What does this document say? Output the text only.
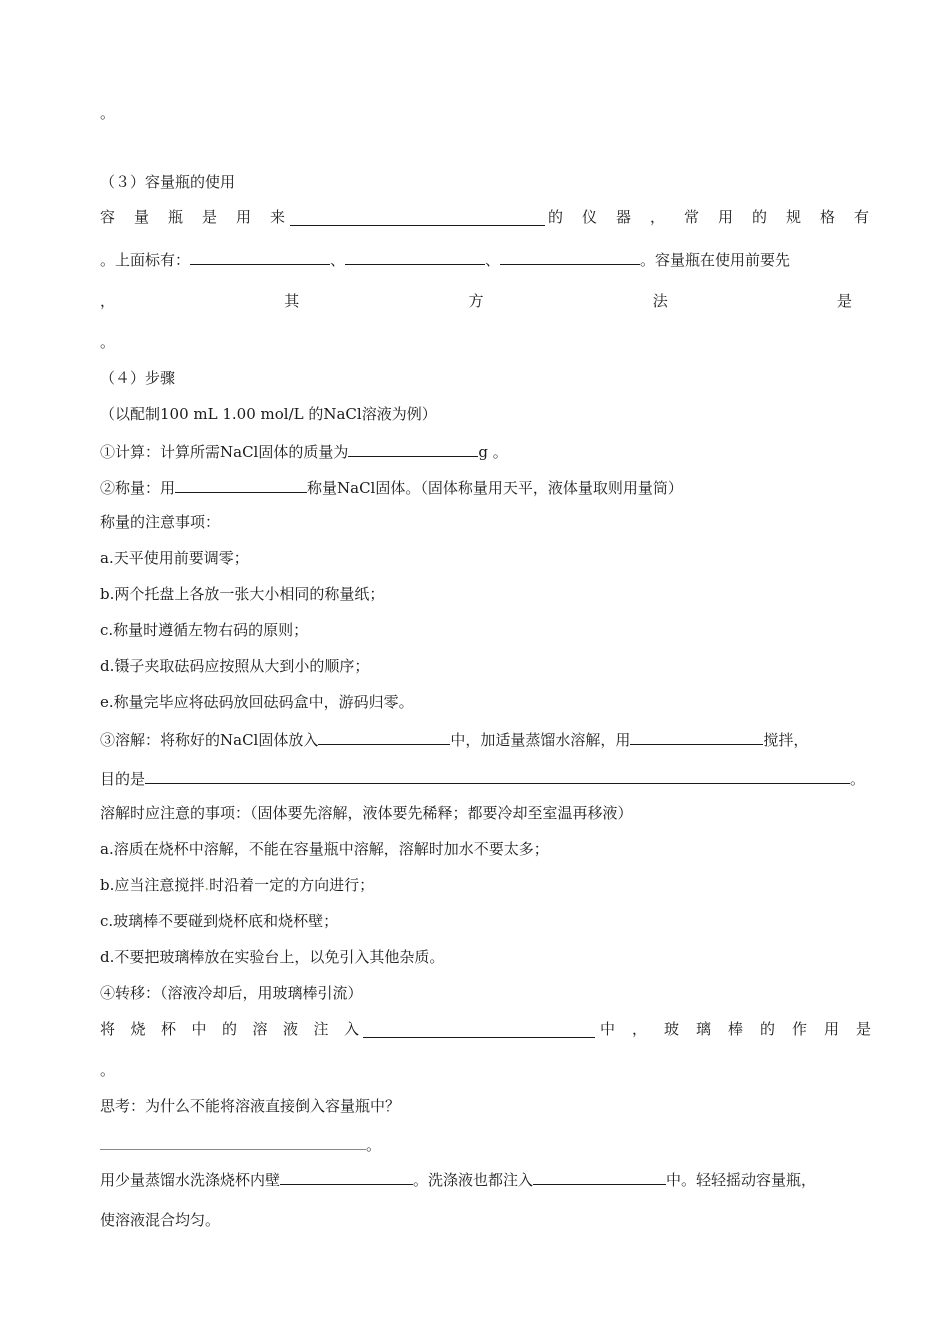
。
（３）容量瓶的使用
容量瓶是用来	的仪器，常用的规格有
。上面标有：	、	、	。容量瓶在使用前要先
，	其	方	法	是
。
（４）步骤
（以配制100 mL 1.00 mol/L 的NaCl溶液为例）
①计算：计算所需NaCl固体的质量为	g 。
②称量：用	称量NaCl固体。（固体称量用天平，液体量取则用量筒）
称量的注意事项：
a.天平使用前要调零；
b.两个托盘上各放一张大小相同的称量纸；
c.称量时遵循左物右码的原则；
d.镊子夹取砝码应按照从大到小的顺序；
e.称量完毕应将砝码放回砝码盒中，游码归零。
③溶解：将称好的NaCl固体放入	中，加适量蒸馏水溶解，用	搅拌，
目的是	。
溶解时应注意的事项：（固体要先溶解，液体要先稀释；都要冷却至室温再移液）
a.溶质在烧杯中溶解，不能在容量瓶中溶解，溶解时加水不要太多；
b.应当注意搅拌.时沿着一定的方向进行；
c.玻璃棒不要碰到烧杯底和烧杯壁；
d.不要把玻璃棒放在实验台上，以免引入其他杂质。
④转移：（溶液冷却后，用玻璃棒引流）
将烧杯中的溶液注入	中，玻璃棒的作用是
。
思考：为什么不能将溶液直接倒入容量瓶中？
。
用少量蒸馏水洗涤烧杯内壁	。洗涤液也都注入	中。轻轻摇动容量瓶，
使溶液混合均匀。
